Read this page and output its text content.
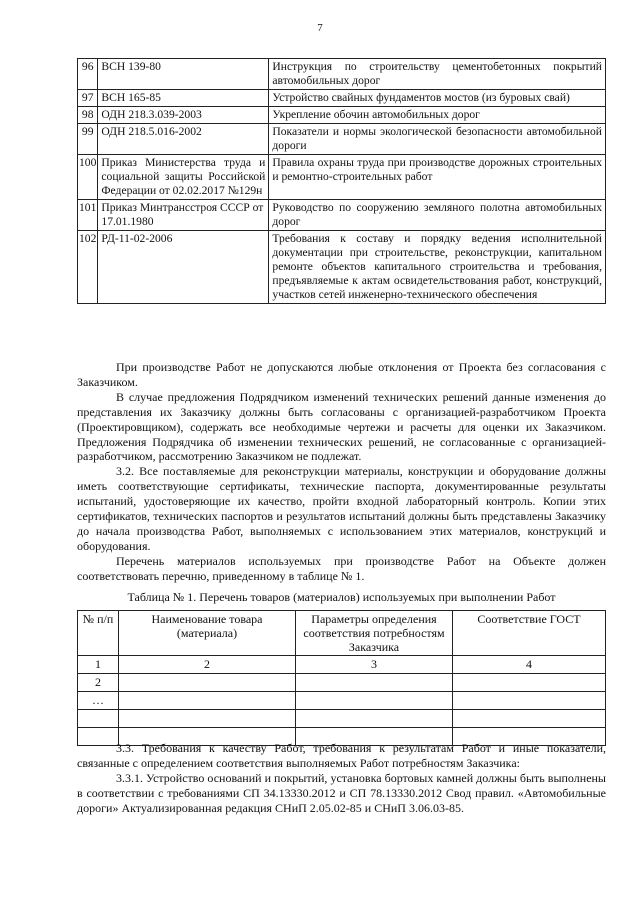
7
96	ВСН 139-80	Инструкция по строительству цементобетонных покрытий автомобильных дорог
97	ВСН 165-85	Устройство свайных фундаментов мостов (из буровых свай)
98	ОДН 218.3.039-2003	Укрепление обочин автомобильных дорог
99	ОДН 218.5.016-2002	Показатели и нормы экологической безопасности автомобильной дороги
100	Приказ Министерства труда и социальной защиты Российской Федерации от 02.02.2017 №129н	Правила охраны труда при производстве дорожных строительных и ремонтно-строительных работ
101	Приказ Минтрансстроя СССР от 17.01.1980	Руководство по сооружению земляного полотна автомобильных дорог
102	РД-11-02-2006	Требования к составу и порядку ведения исполнительной документации при строительстве, реконструкции, капитальном ремонте объектов капитального строительства и требования, предъявляемые к актам освидетельствования работ, конструкций, участков сетей инженерно-технического обеспечения

При производстве Работ не допускаются любые отклонения от Проекта без согласования с Заказчиком.

В случае предложения Подрядчиком изменений технических решений данные изменения до представления их Заказчику должны быть согласованы с организацией-разработчиком Проекта (Проектировщиком), содержать все необходимые чертежи и расчеты для оценки их Заказчиком. Предложения Подрядчика об изменении технических решений, не согласованные с организацией-разработчиком, рассмотрению Заказчиком не подлежат.

3.2. Все поставляемые для реконструкции материалы, конструкции и оборудование должны иметь соответствующие сертификаты, технические паспорта, документированные результаты испытаний, удостоверяющие их качество, пройти входной лабораторный контроль. Копии этих сертификатов, технических паспортов и результатов испытаний должны быть представлены Заказчику до начала производства Работ, выполняемых с использованием этих материалов, конструкций и оборудования.

Перечень материалов используемых при производстве Работ на Объекте должен соответствовать перечню, приведенному в таблице № 1.

Таблица № 1. Перечень товаров (материалов) используемых при выполнении Работ
№ п/п	Наименование товара (материала)	Параметры определения соответствия потребностям Заказчика	Соответствие ГОСТ
1	2	3	4
2			
…			

3.3. Требования к качеству Работ, требования к результатам Работ и иные показатели, связанные с определением соответствия выполняемых Работ потребностям Заказчика:

3.3.1. Устройство оснований и покрытий, установка бортовых камней должны быть выполнены в соответствии с требованиями СП 34.13330.2012 и СП 78.13330.2012 Свод правил. «Автомобильные дороги» Актуализированная редакция СНиП 2.05.02-85 и СНиП 3.06.03-85.
